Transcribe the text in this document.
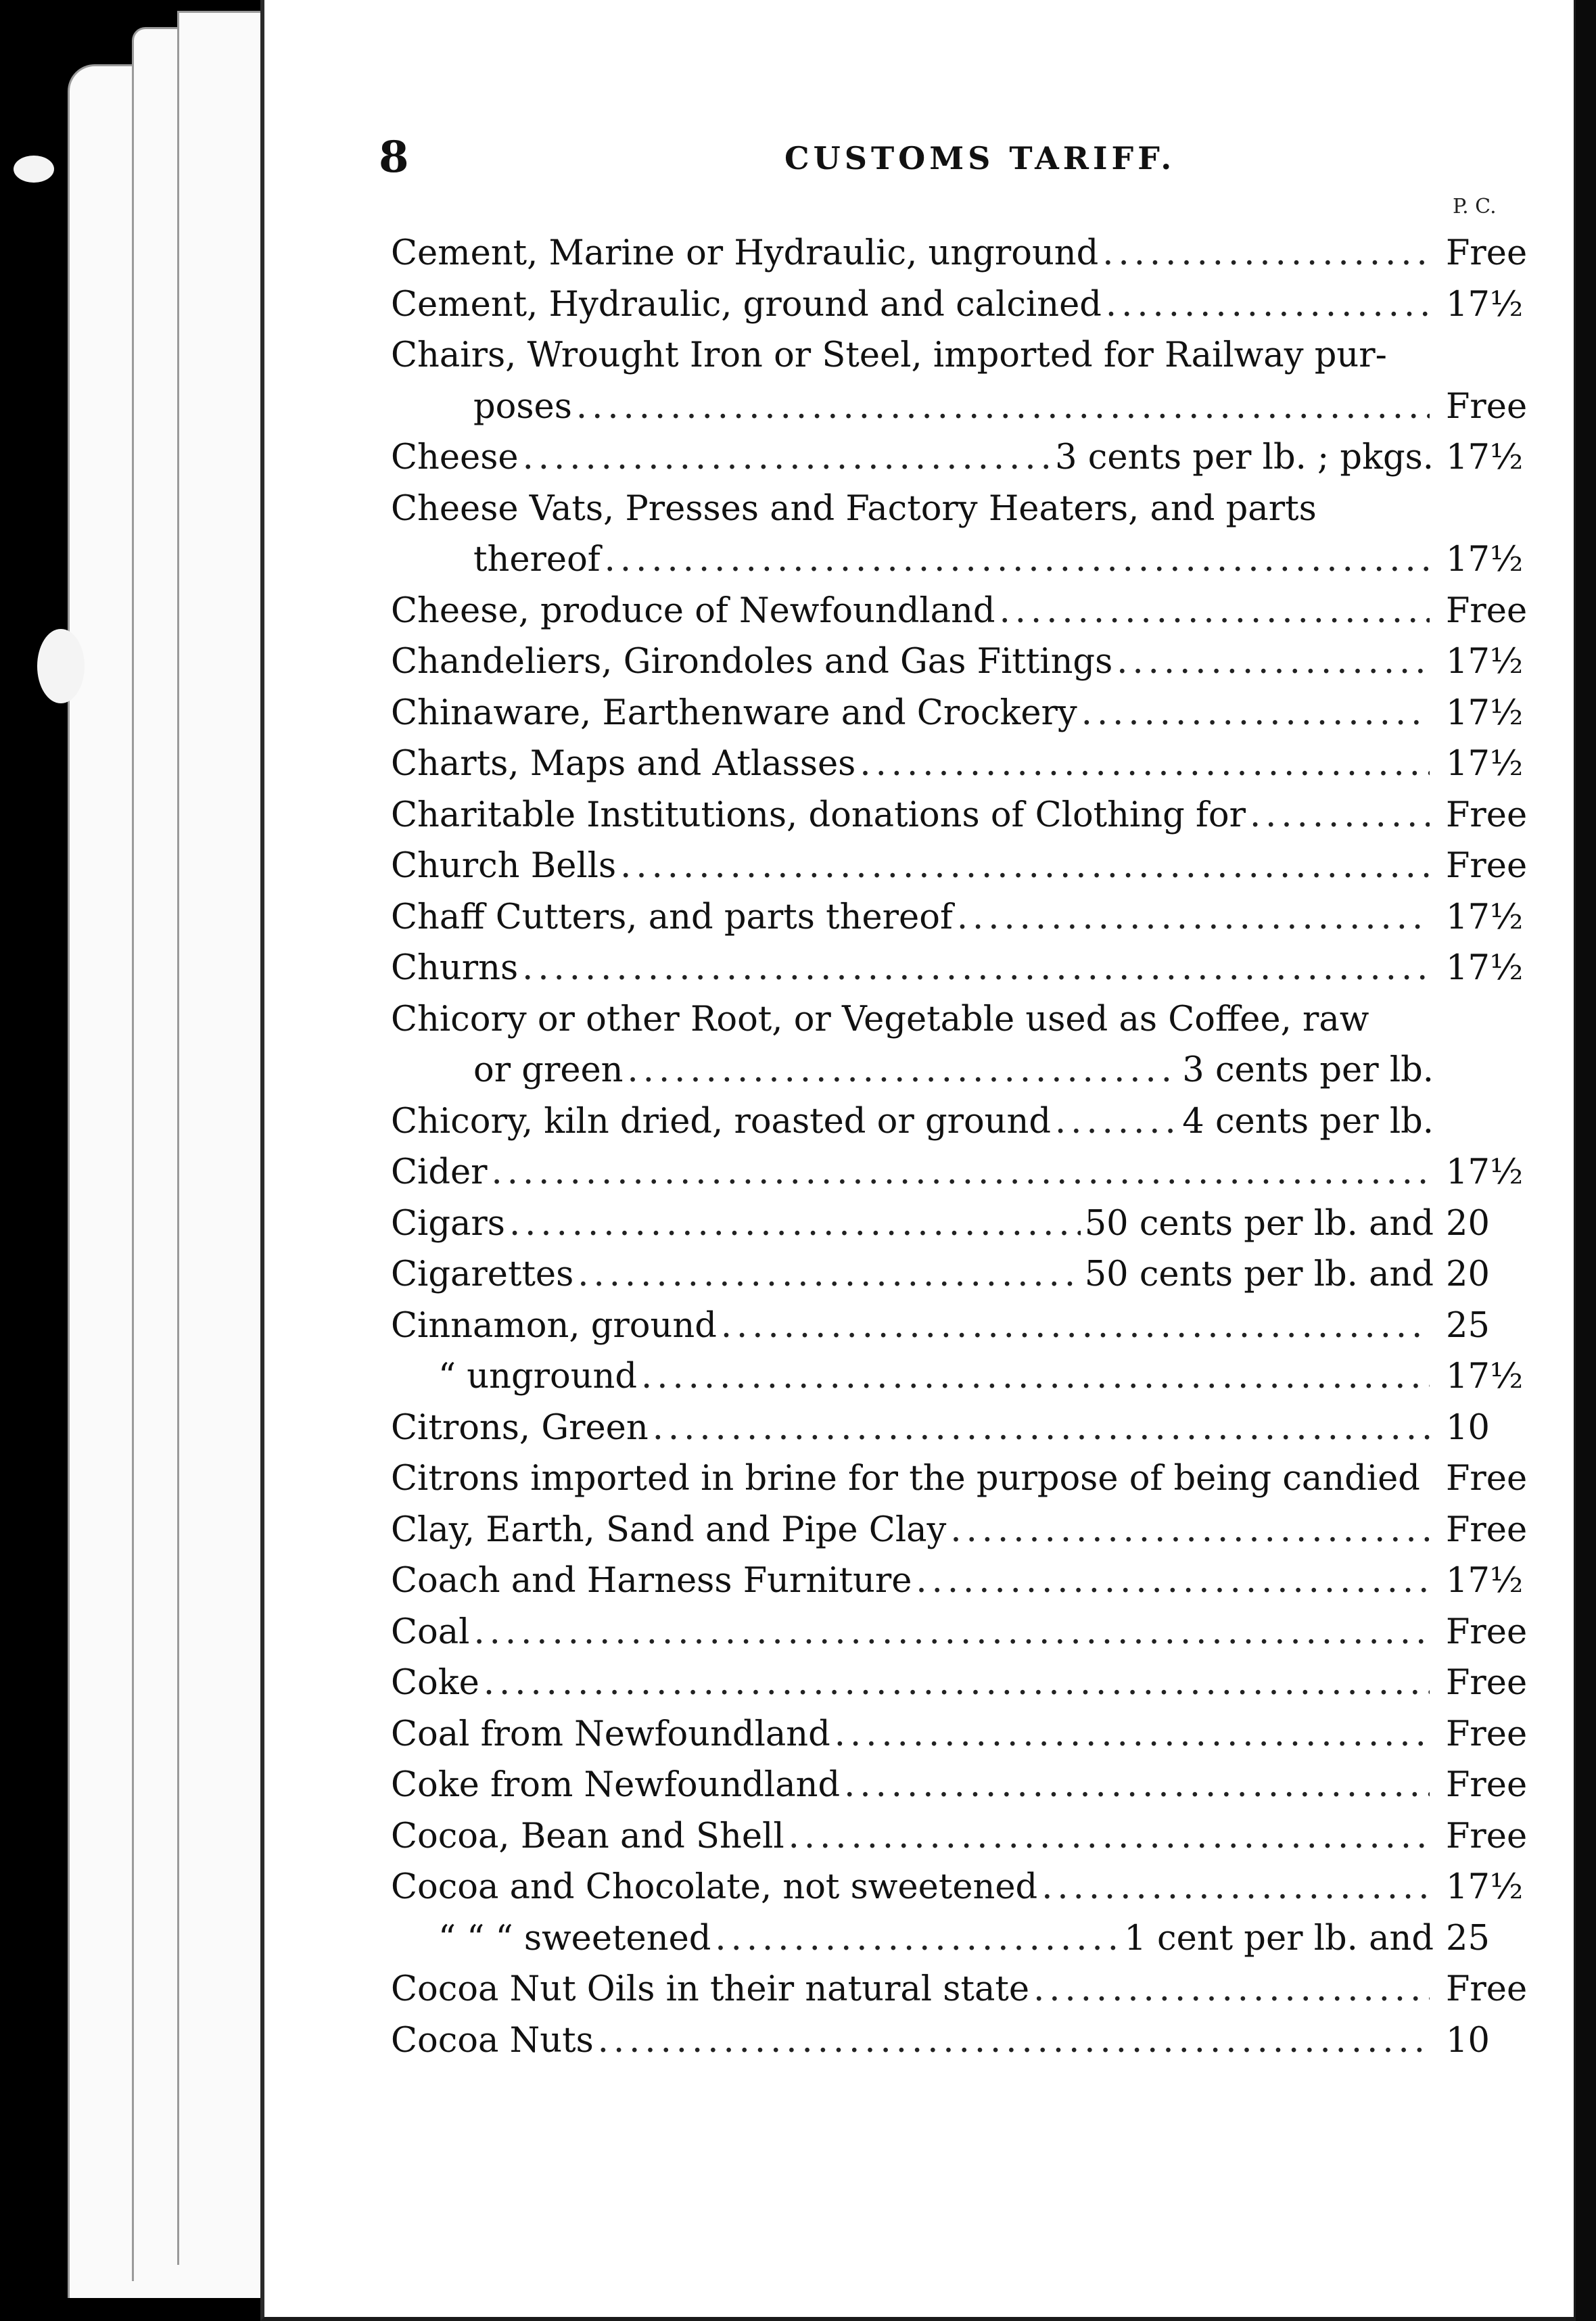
8	CUSTOMS TARIFF.
P. C.
Cement, Marine or Hydraulic, unground .....	Free
Cement, Hydraulic, ground and calcined .....	17½
Chairs, Wrought Iron or Steel, imported for Railway pur-
poses .....	Free
Cheese .....	3 cents per lb. ; pkgs. 17½
Cheese Vats, Presses and Factory Heaters, and parts
thereof .....	17½
Cheese, produce of Newfoundland .....	Free
Chandeliers, Girondoles and Gas Fittings .....	17½
Chinaware, Earthenware and Crockery .....	17½
Charts, Maps and Atlasses .....	17½
Charitable Institutions, donations of Clothing for .....	Free
Church Bells .....	Free
Chaff Cutters, and parts thereof .....	17½
Churns .....	17½
Chicory or other Root, or Vegetable used as Coffee, raw
or green .....	3 cents per lb.
Chicory, kiln dried, roasted or ground .....	4 cents per lb.
Cider .....	17½
Cigars .....	50 cents per lb. and 20
Cigarettes .....	50 cents per lb. and 20
Cinnamon, ground .....	25
“ unground .....	17½
Citrons, Green .....	10
Citrons imported in brine for the purpose of being candied Free
Clay, Earth, Sand and Pipe Clay .....	Free
Coach and Harness Furniture .....	17½
Coal .....	Free
Coke .....	Free
Coal from Newfoundland .....	Free
Coke from Newfoundland .....	Free
Cocoa, Bean and Shell .....	Free
Cocoa and Chocolate, not sweetened .....	17½
“ “ “ sweetened .....	1 cent per lb. and 25
Cocoa Nut Oils in their natural state .....	Free
Cocoa Nuts .....	10
